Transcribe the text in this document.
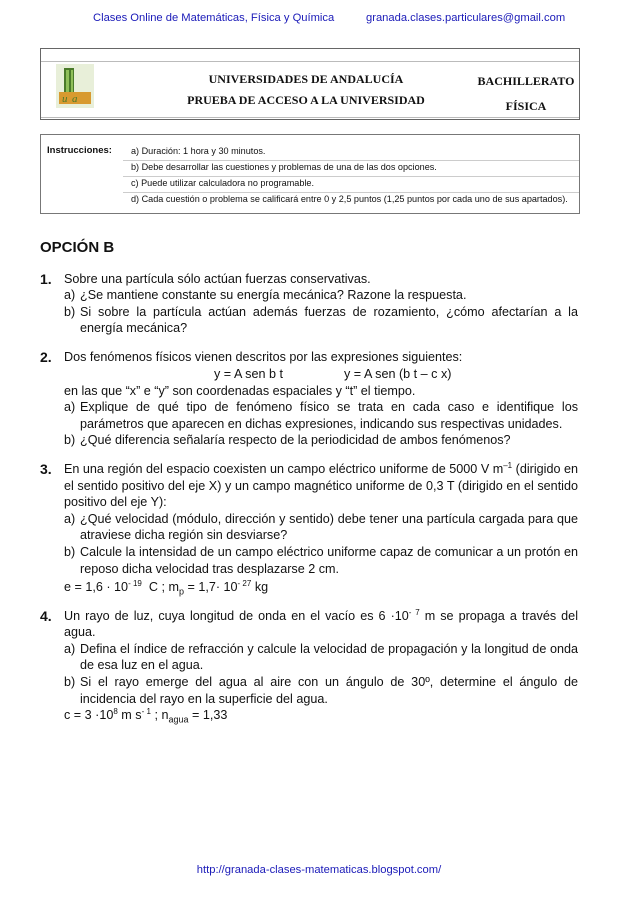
Clases Online de Matemáticas, Física y Química	granada.clases.particulares@gmail.com
u a
UNIVERSIDADES DE ANDALUCÍA
PRUEBA DE ACCESO A LA UNIVERSIDAD
BACHILLERATO
FÍSICA
Instrucciones: a) Duración: 1 hora y 30 minutos.
b) Debe desarrollar las cuestiones y problemas de una de las dos opciones.
c) Puede utilizar calculadora no programable.
d) Cada cuestión o problema se calificará entre 0 y 2,5 puntos (1,25 puntos por cada uno de sus apartados).
OPCIÓN B
1. Sobre una partícula sólo actúan fuerzas conservativas.
a) ¿Se mantiene constante su energía mecánica? Razone la respuesta.
b) Si sobre la partícula actúan además fuerzas de rozamiento, ¿cómo afectarían a la energía mecánica?
2. Dos fenómenos físicos vienen descritos por las expresiones siguientes:
y = A sen b t	y = A sen (b t – c x)
en las que “x” e “y” son coordenadas espaciales y “t” el tiempo.
a) Explique de qué tipo de fenómeno físico se trata en cada caso e identifique los parámetros que aparecen en dichas expresiones, indicando sus respectivas unidades.
b) ¿Qué diferencia señalaría respecto de la periodicidad de ambos fenómenos?
3. En una región del espacio coexisten un campo eléctrico uniforme de 5000 V $m^{-1}$ (dirigido en el sentido positivo del eje X) y un campo magnético uniforme de 0,3 T (dirigido en el sentido positivo del eje Y):
a) ¿Qué velocidad (módulo, dirección y sentido) debe tener una partícula cargada para que atraviese dicha región sin desviarse?
b) Calcule la intensidad de un campo eléctrico uniforme capaz de comunicar a un protón en reposo dicha velocidad tras desplazarse 2 cm.
$e = 1,6 \cdot 10^{- 19}$ C ; $m_p = 1,7\cdot 10^{- 27}$ kg
4. Un rayo de luz, cuya longitud de onda en el vacío es $6 \cdot 10^{- 7}$ m se propaga a través del agua.
a) Defina el índice de refracción y calcule la velocidad de propagación y la longitud de onda de esa luz en el agua.
b) Si el rayo emerge del agua al aire con un ángulo de 30º, determine el ángulo de incidencia del rayo en la superficie del agua.
$c = 3 \cdot 10^8$ m $s^{- 1}$ ; $n_{agua} = 1,33$
http://granada-clases-matematicas.blogspot.com/
